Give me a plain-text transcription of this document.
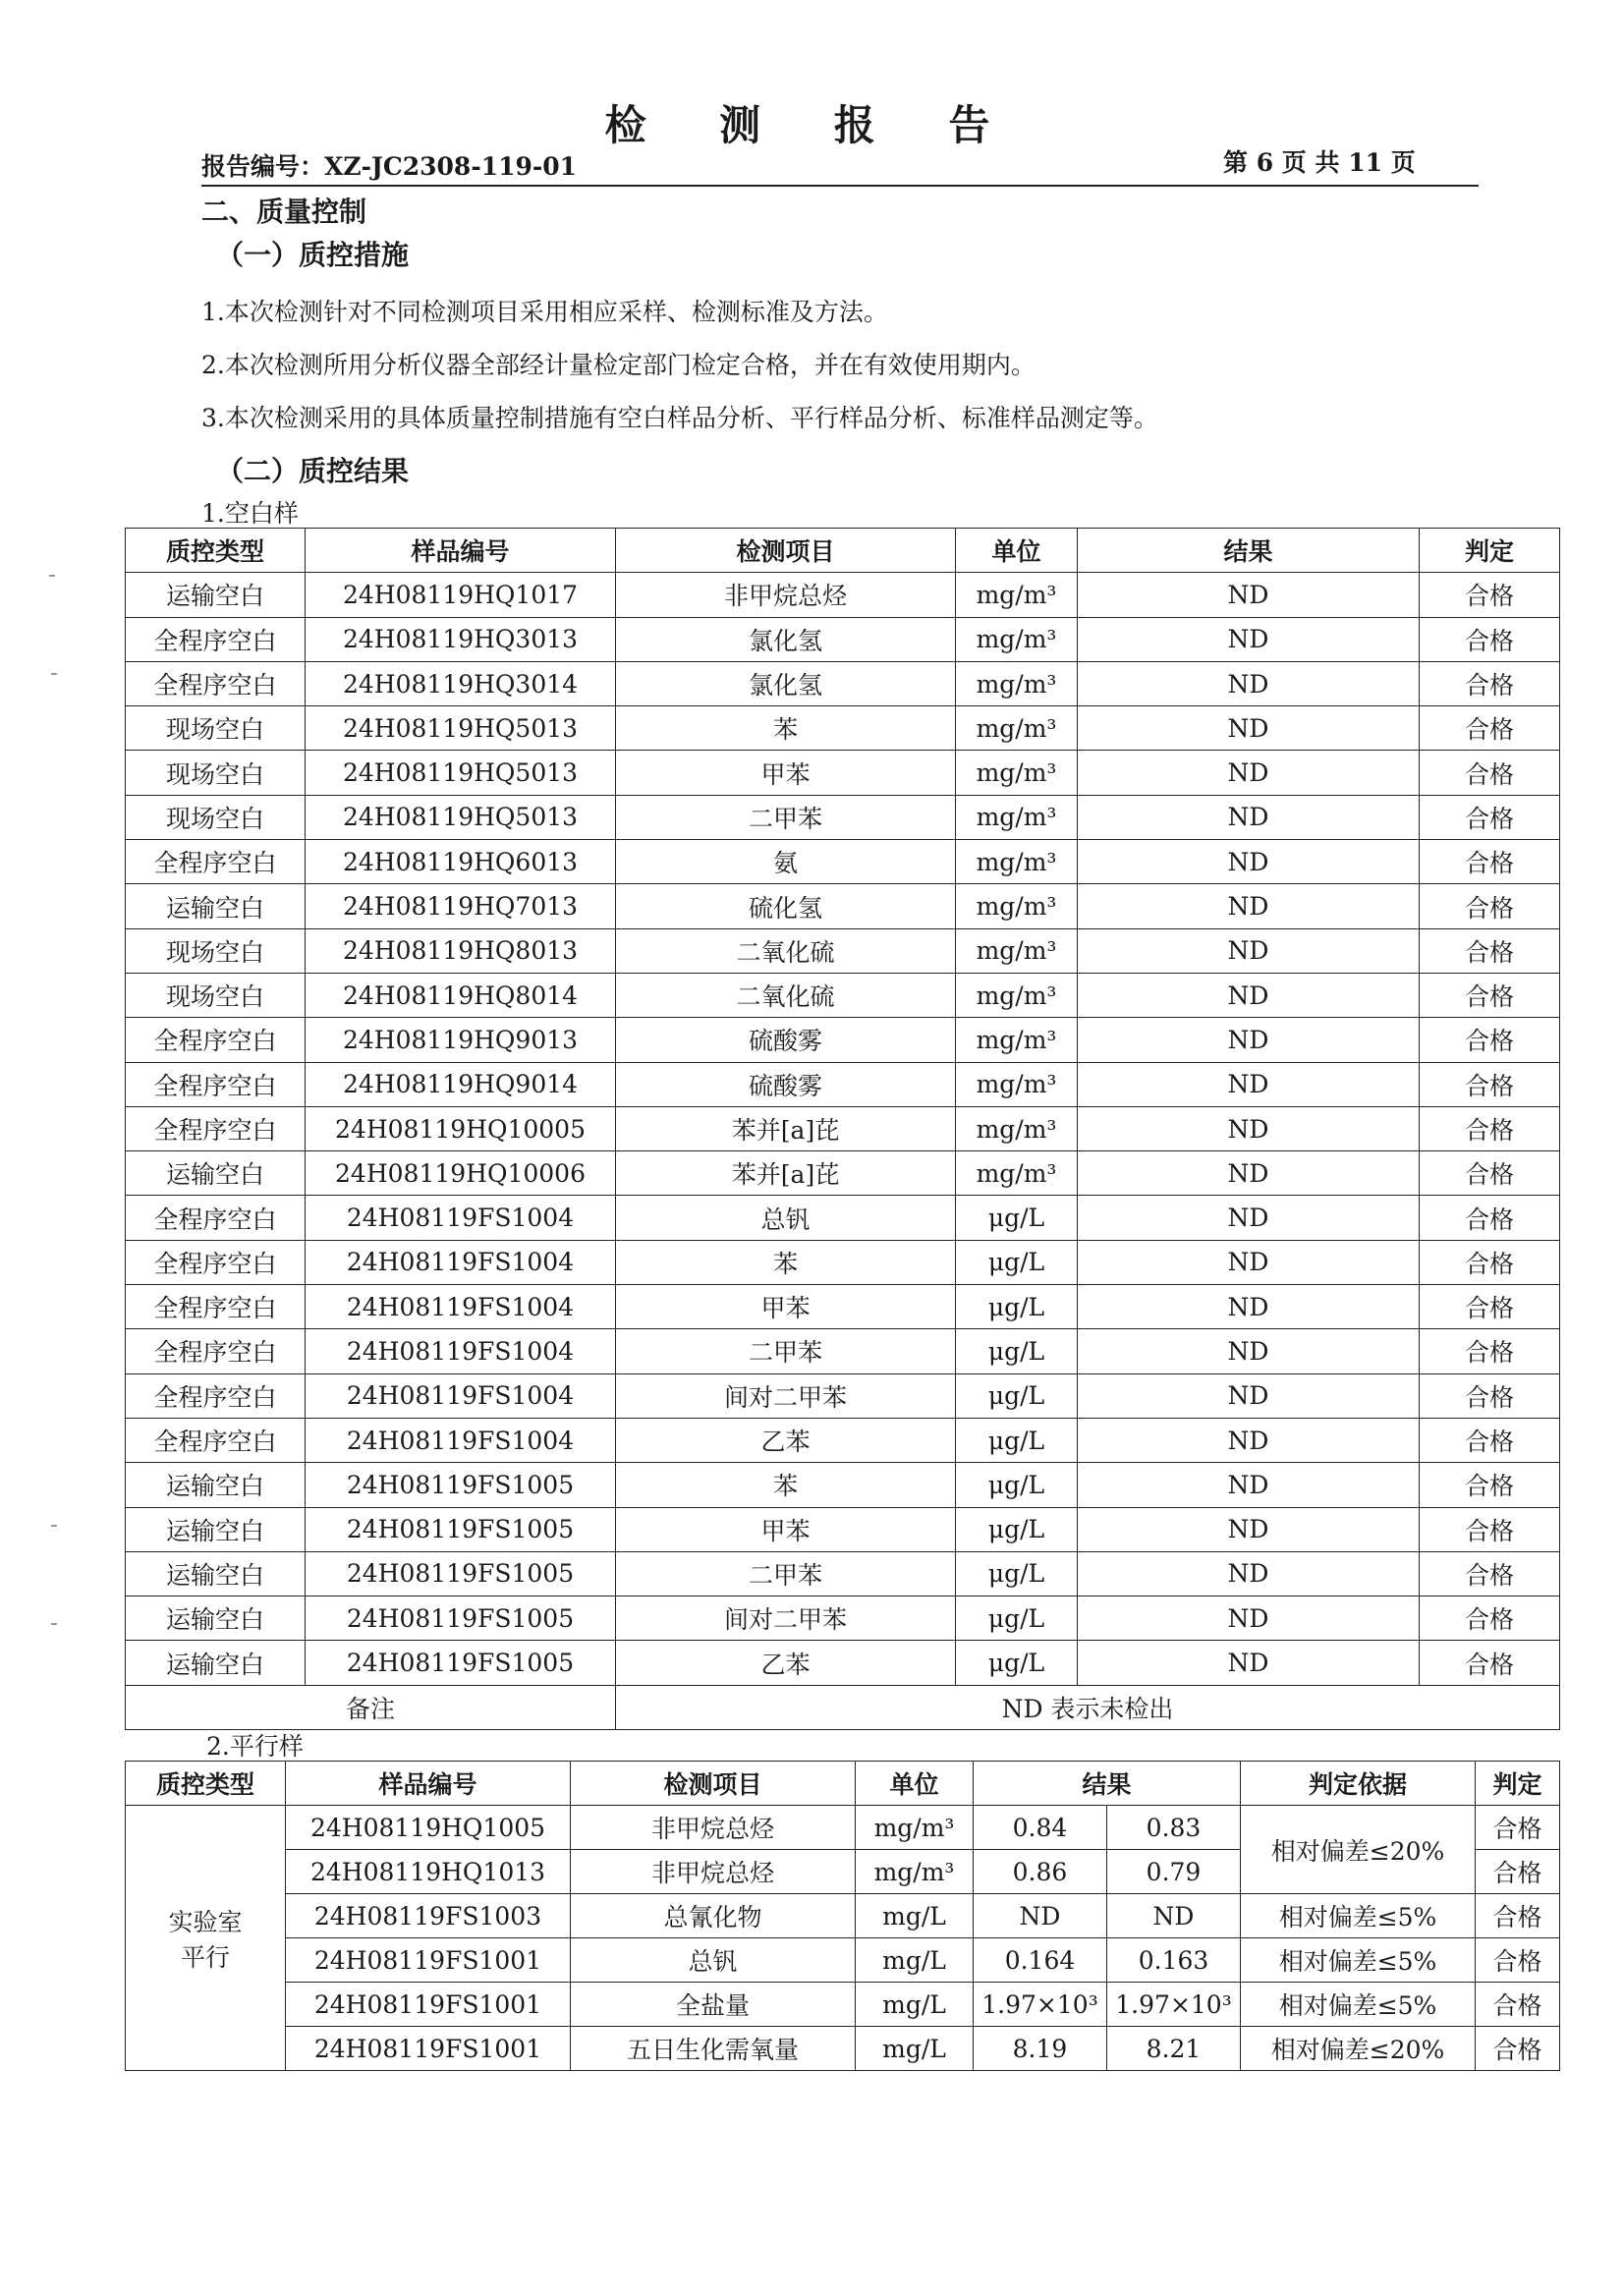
检 测 报 告
报告编号：XZ-JC2308-119-01	第 6 页 共 11 页
二、质量控制
（一）质控措施
1.本次检测针对不同检测项目采用相应采样、检测标准及方法。
2.本次检测所用分析仪器全部经计量检定部门检定合格，并在有效使用期内。
3.本次检测采用的具体质量控制措施有空白样品分析、平行样品分析、标准样品测定等。
（二）质控结果
1.空白样
质控类型	样品编号	检测项目	单位	结果	判定
运输空白	24H08119HQ1017	非甲烷总烃	mg/m³	ND	合格
全程序空白	24H08119HQ3013	氯化氢	mg/m³	ND	合格
全程序空白	24H08119HQ3014	氯化氢	mg/m³	ND	合格
现场空白	24H08119HQ5013	苯	mg/m³	ND	合格
现场空白	24H08119HQ5013	甲苯	mg/m³	ND	合格
现场空白	24H08119HQ5013	二甲苯	mg/m³	ND	合格
全程序空白	24H08119HQ6013	氨	mg/m³	ND	合格
运输空白	24H08119HQ7013	硫化氢	mg/m³	ND	合格
现场空白	24H08119HQ8013	二氧化硫	mg/m³	ND	合格
现场空白	24H08119HQ8014	二氧化硫	mg/m³	ND	合格
全程序空白	24H08119HQ9013	硫酸雾	mg/m³	ND	合格
全程序空白	24H08119HQ9014	硫酸雾	mg/m³	ND	合格
全程序空白	24H08119HQ10005	苯并[a]芘	mg/m³	ND	合格
运输空白	24H08119HQ10006	苯并[a]芘	mg/m³	ND	合格
全程序空白	24H08119FS1004	总钒	μg/L	ND	合格
全程序空白	24H08119FS1004	苯	μg/L	ND	合格
全程序空白	24H08119FS1004	甲苯	μg/L	ND	合格
全程序空白	24H08119FS1004	二甲苯	μg/L	ND	合格
全程序空白	24H08119FS1004	间对二甲苯	μg/L	ND	合格
全程序空白	24H08119FS1004	乙苯	μg/L	ND	合格
运输空白	24H08119FS1005	苯	μg/L	ND	合格
运输空白	24H08119FS1005	甲苯	μg/L	ND	合格
运输空白	24H08119FS1005	二甲苯	μg/L	ND	合格
运输空白	24H08119FS1005	间对二甲苯	μg/L	ND	合格
运输空白	24H08119FS1005	乙苯	μg/L	ND	合格
备注		ND 表示未检出			
2.平行样
质控类型	样品编号	检测项目	单位	结果		判定依据	判定

实验室
平行	24H08119HQ1005	非甲烷总烃	mg/m³	0.84	0.83	相对偏差≤20%	合格
	24H08119HQ1013	非甲烷总烃	mg/m³	0.86	0.79		合格
	24H08119FS1003	总氰化物	mg/L	ND	ND	相对偏差≤5%	合格
	24H08119FS1001	总钒	mg/L	0.164	0.163	相对偏差≤5%	合格
	24H08119FS1001	全盐量	mg/L	1.97×10³	1.97×10³	相对偏差≤5%	合格
	24H08119FS1001	五日生化需氧量	mg/L	8.19	8.21	相对偏差≤20%	合格
